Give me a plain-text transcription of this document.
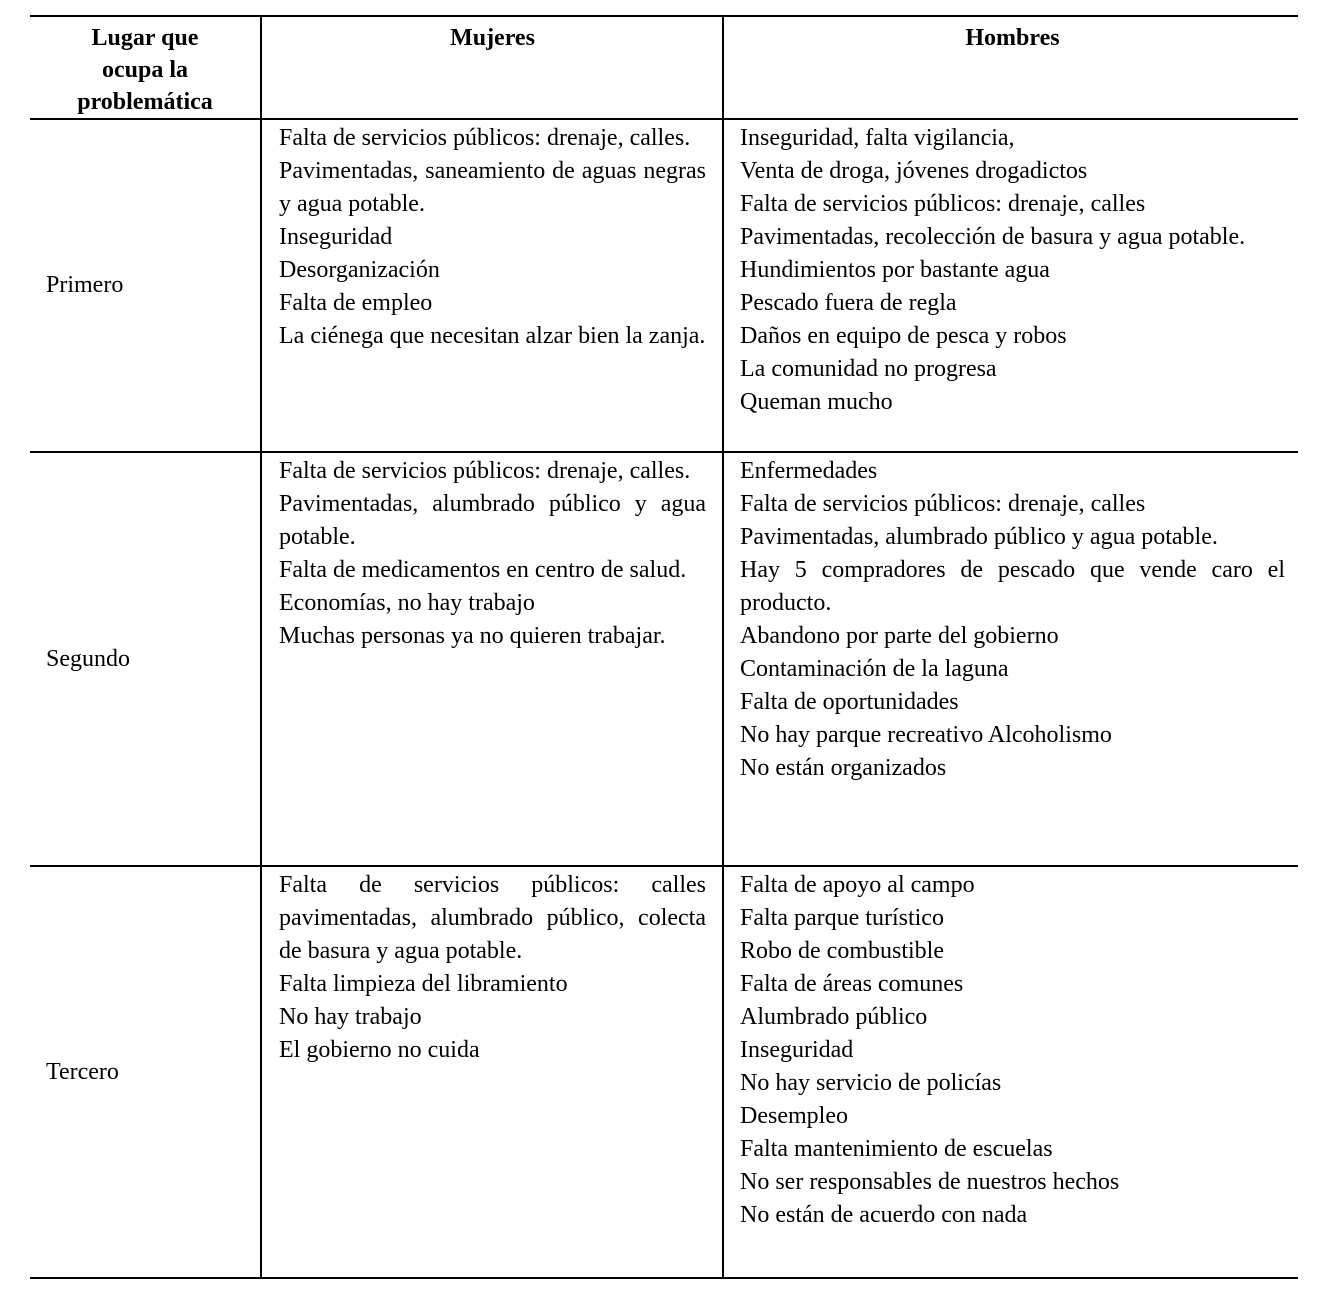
Lugar que
ocupa la
problemática
Mujeres	Hombres
Primero
Falta de servicios públicos: drenaje, calles.
Pavimentadas, saneamiento de aguas negras y agua potable.
Inseguridad
Desorganización
Falta de empleo
La ciénega que necesitan alzar bien la zanja.
Inseguridad, falta vigilancia,
Venta de droga, jóvenes drogadictos
Falta de servicios públicos: drenaje, calles
Pavimentadas, recolección de basura y agua potable.
Hundimientos por bastante agua
Pescado fuera de regla
Daños en equipo de pesca y robos
La comunidad no progresa
Queman mucho
Segundo
Falta de servicios públicos: drenaje, calles.
Pavimentadas, alumbrado público y agua potable.
Falta de medicamentos en centro de salud.
Economías, no hay trabajo
Muchas personas ya no quieren trabajar.
Enfermedades
Falta de servicios públicos: drenaje, calles
Pavimentadas, alumbrado público y agua potable.
Hay 5 compradores de pescado que vende caro el producto.
Abandono por parte del gobierno
Contaminación de la laguna
Falta de oportunidades
No hay parque recreativo Alcoholismo
No están organizados
Tercero
Falta de servicios públicos: calles pavimentadas, alumbrado público, colecta de basura y agua potable.
Falta limpieza del libramiento
No hay trabajo
El gobierno no cuida
Falta de apoyo al campo
Falta parque turístico
Robo de combustible
Falta de áreas comunes
Alumbrado público
Inseguridad
No hay servicio de policías
Desempleo
Falta mantenimiento de escuelas
No ser responsables de nuestros hechos
No están de acuerdo con nada
